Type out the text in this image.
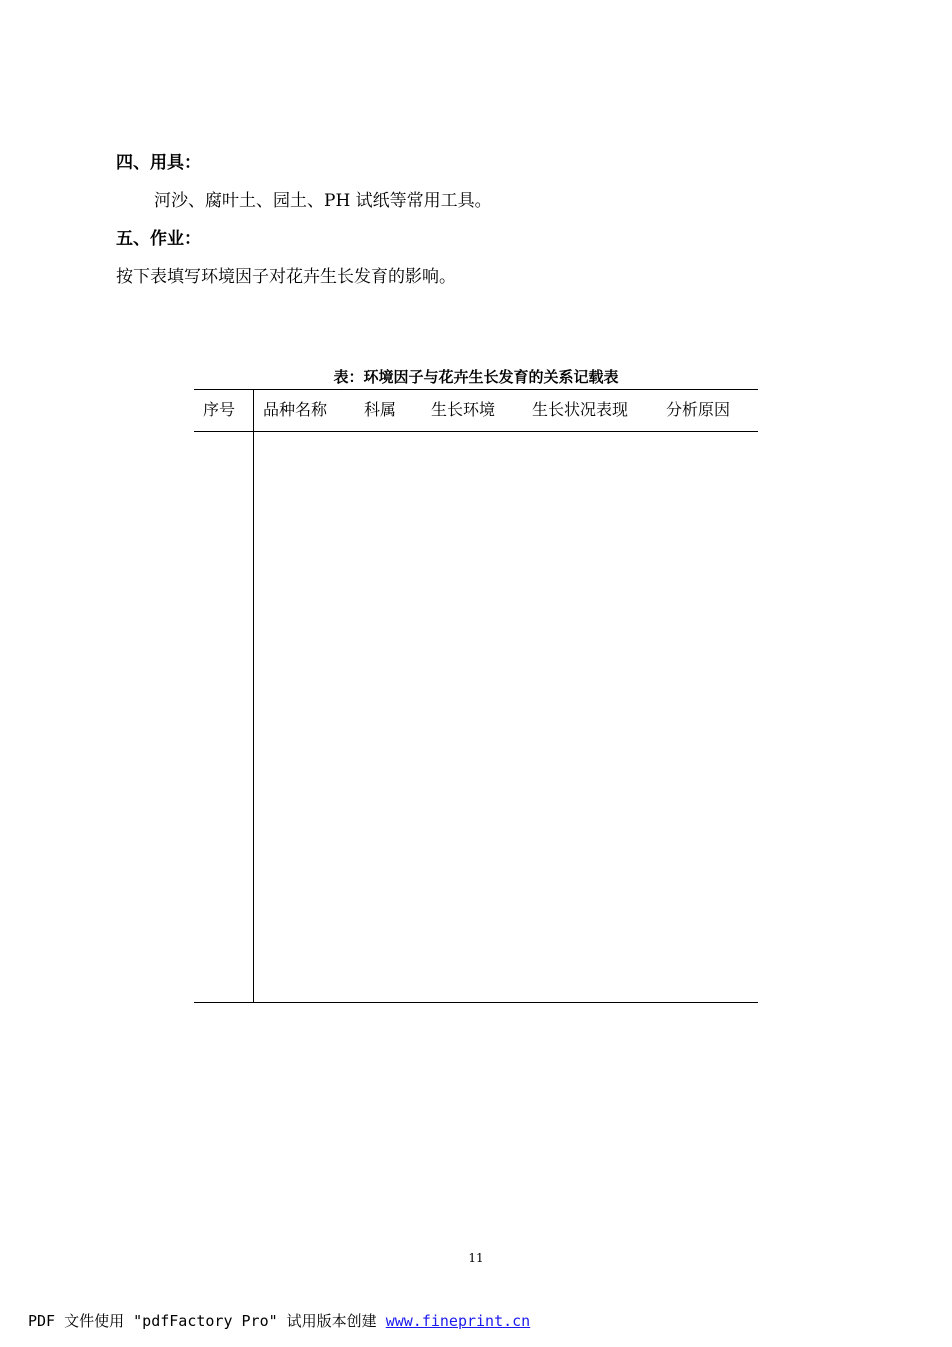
四、用具：
河沙、腐叶土、园土、PH 试纸等常用工具。
五、作业：
按下表填写环境因子对花卉生长发育的影响。
表：环境因子与花卉生长发育的关系记载表
序号 品种名称 科属 生长环境 生长状况表现 分析原因
11
PDF 文件使用 "pdfFactory Pro" 试用版本创建 www.fineprint.cn
